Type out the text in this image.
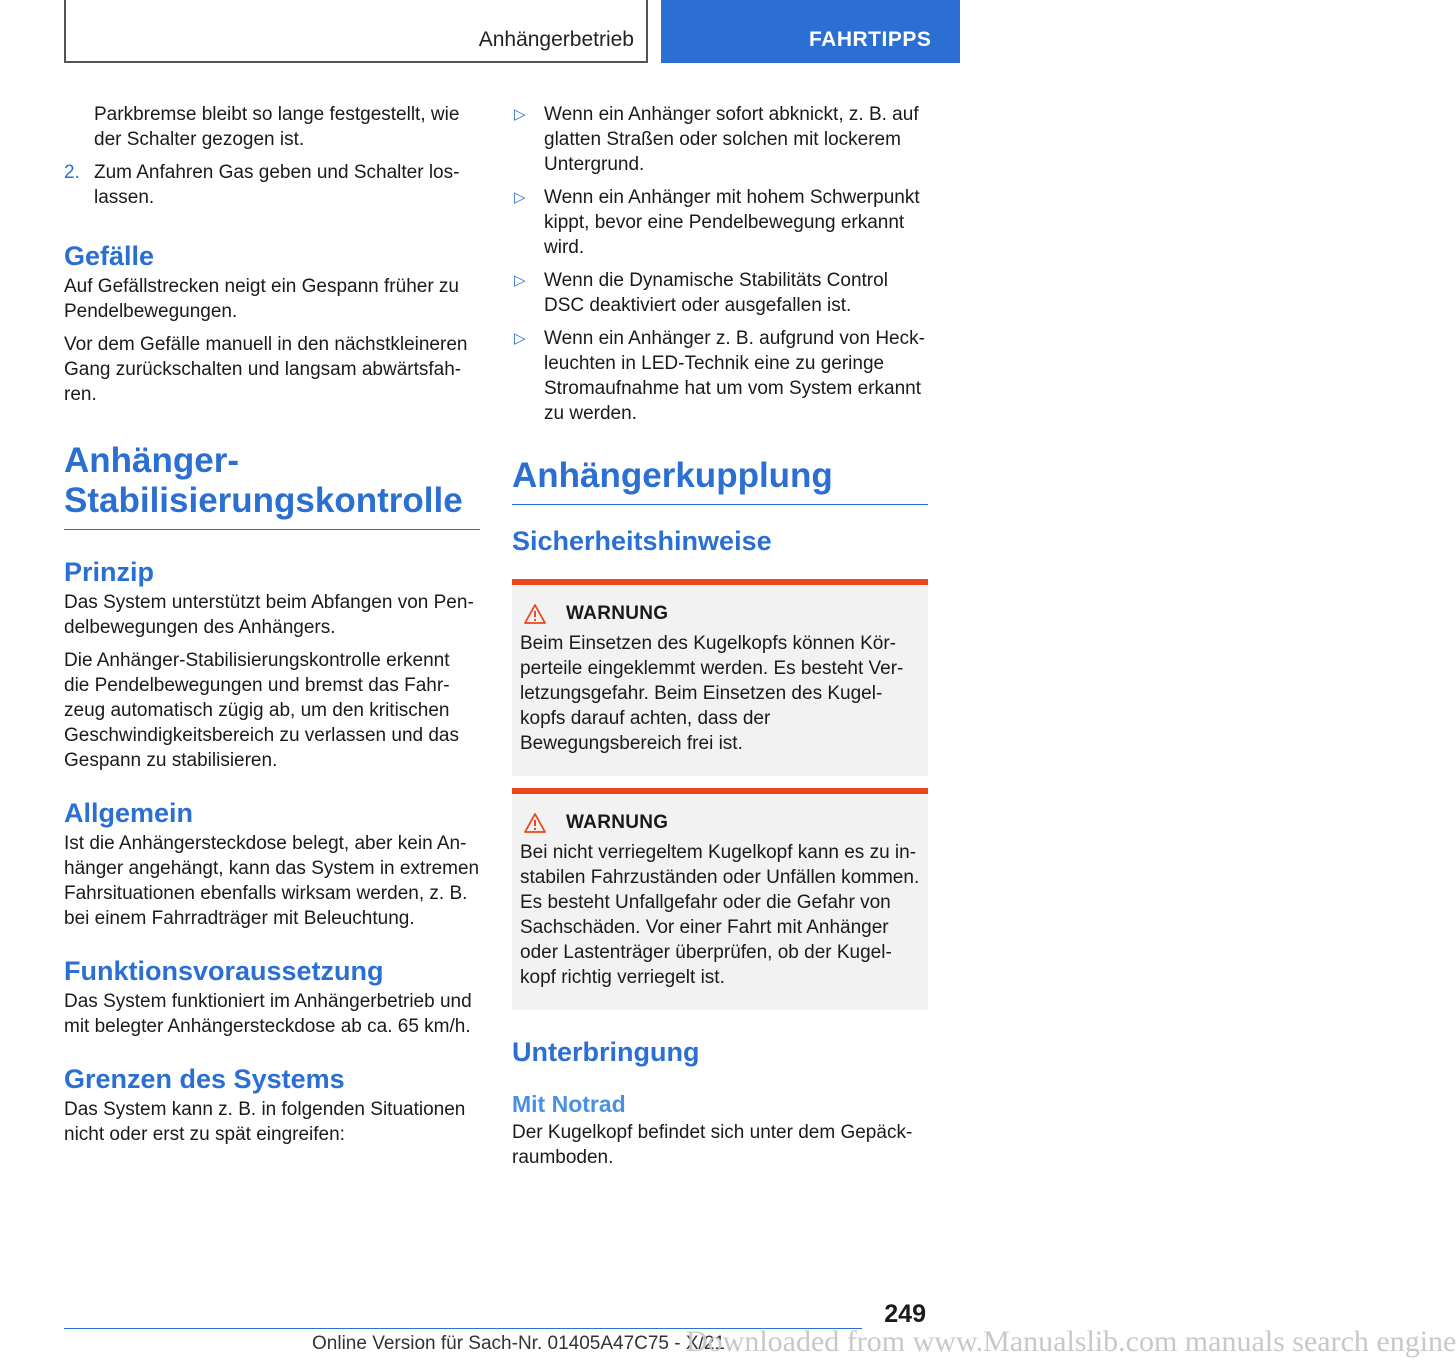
Anhängerbetrieb	FAHRTIPPS

Parkbremse bleibt so lange festgestellt, wie der Schalter gezogen ist.

2. Zum Anfahren Gas geben und Schalter loslassen.
Gefälle

Auf Gefällstrecken neigt ein Gespann früher zu Pendelbewegungen.

Vor dem Gefälle manuell in den nächstkleineren Gang zurückschalten und langsam abwärtsfahren.

Anhänger-Stabilisierungskontrolle
Prinzip

Das System unterstützt beim Abfangen von Pendelbewegungen des Anhängers.

Die Anhänger-Stabilisierungskontrolle erkennt die Pendelbewegungen und bremst das Fahrzeug automatisch zügig ab, um den kritischen Geschwindigkeitsbereich zu verlassen und das Gespann zu stabilisieren.

Allgemein

Ist die Anhängersteckdose belegt, aber kein Anhänger angehängt, kann das System in extremen Fahrsituationen ebenfalls wirksam werden, z. B. bei einem Fahrradträger mit Beleuchtung.

Funktionsvoraussetzung

Das System funktioniert im Anhängerbetrieb und mit belegter Anhängersteckdose ab ca. 65 km/h.

Grenzen des Systems

Das System kann z. B. in folgenden Situationen nicht oder erst zu spät eingreifen:

▷ Wenn ein Anhänger sofort abknickt, z. B. auf glatten Straßen oder solchen mit lockerem Untergrund.
▷ Wenn ein Anhänger mit hohem Schwerpunkt kippt, bevor eine Pendelbewegung erkannt wird.
▷ Wenn die Dynamische Stabilitäts Control DSC deaktiviert oder ausgefallen ist.
▷ Wenn ein Anhänger z. B. aufgrund von Heckleuchten in LED-Technik eine zu geringe Stromaufnahme hat um vom System erkannt zu werden.
Anhängerkupplung
Sicherheitshinweise
WARNUNG

Beim Einsetzen des Kugelkopfs können Körperteile eingeklemmt werden. Es besteht Verletzungsgefahr. Beim Einsetzen des Kugelkopfs darauf achten, dass der Bewegungsbereich frei ist.

WARNUNG

Bei nicht verriegeltem Kugelkopf kann es zu instabilen Fahrzuständen oder Unfällen kommen. Es besteht Unfallgefahr oder die Gefahr von Sachschäden. Vor einer Fahrt mit Anhänger oder Lastenträger überprüfen, ob der Kugelkopf richtig verriegelt ist.

Unterbringung
Mit Notrad

Der Kugelkopf befindet sich unter dem Gepäckraumboden.

249
Online Version für Sach-Nr. 01405A47C75 - X/21
Downloaded from www.Manualslib.com manuals search engine
